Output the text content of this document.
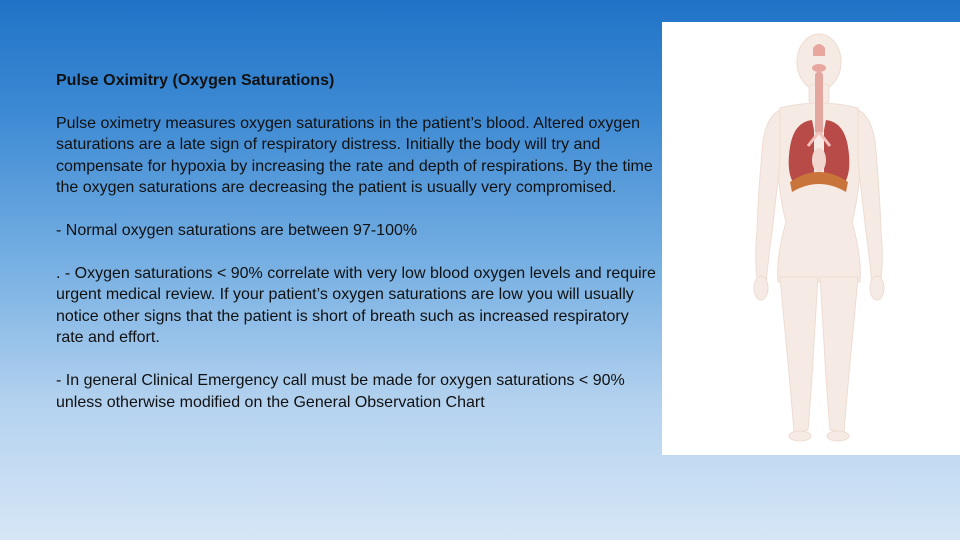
Pulse Oximitry (Oxygen Saturations)

Pulse oximetry measures oxygen saturations in the patient’s blood. Altered oxygen saturations are a late sign of respiratory distress. Initially the body will try and compensate for hypoxia by increasing the rate and depth of respirations. By the time the oxygen saturations are decreasing the patient is usually very compromised.

- Normal oxygen saturations are between 97-100%

. - Oxygen saturations < 90% correlate with very low blood oxygen levels and require urgent medical review. If your patient’s oxygen saturations are low you will usually notice other signs that the patient is short of breath such as increased respiratory rate and effort.

- In general Clinical Emergency call must be made for oxygen saturations < 90% unless otherwise modified on the General Observation Chart
